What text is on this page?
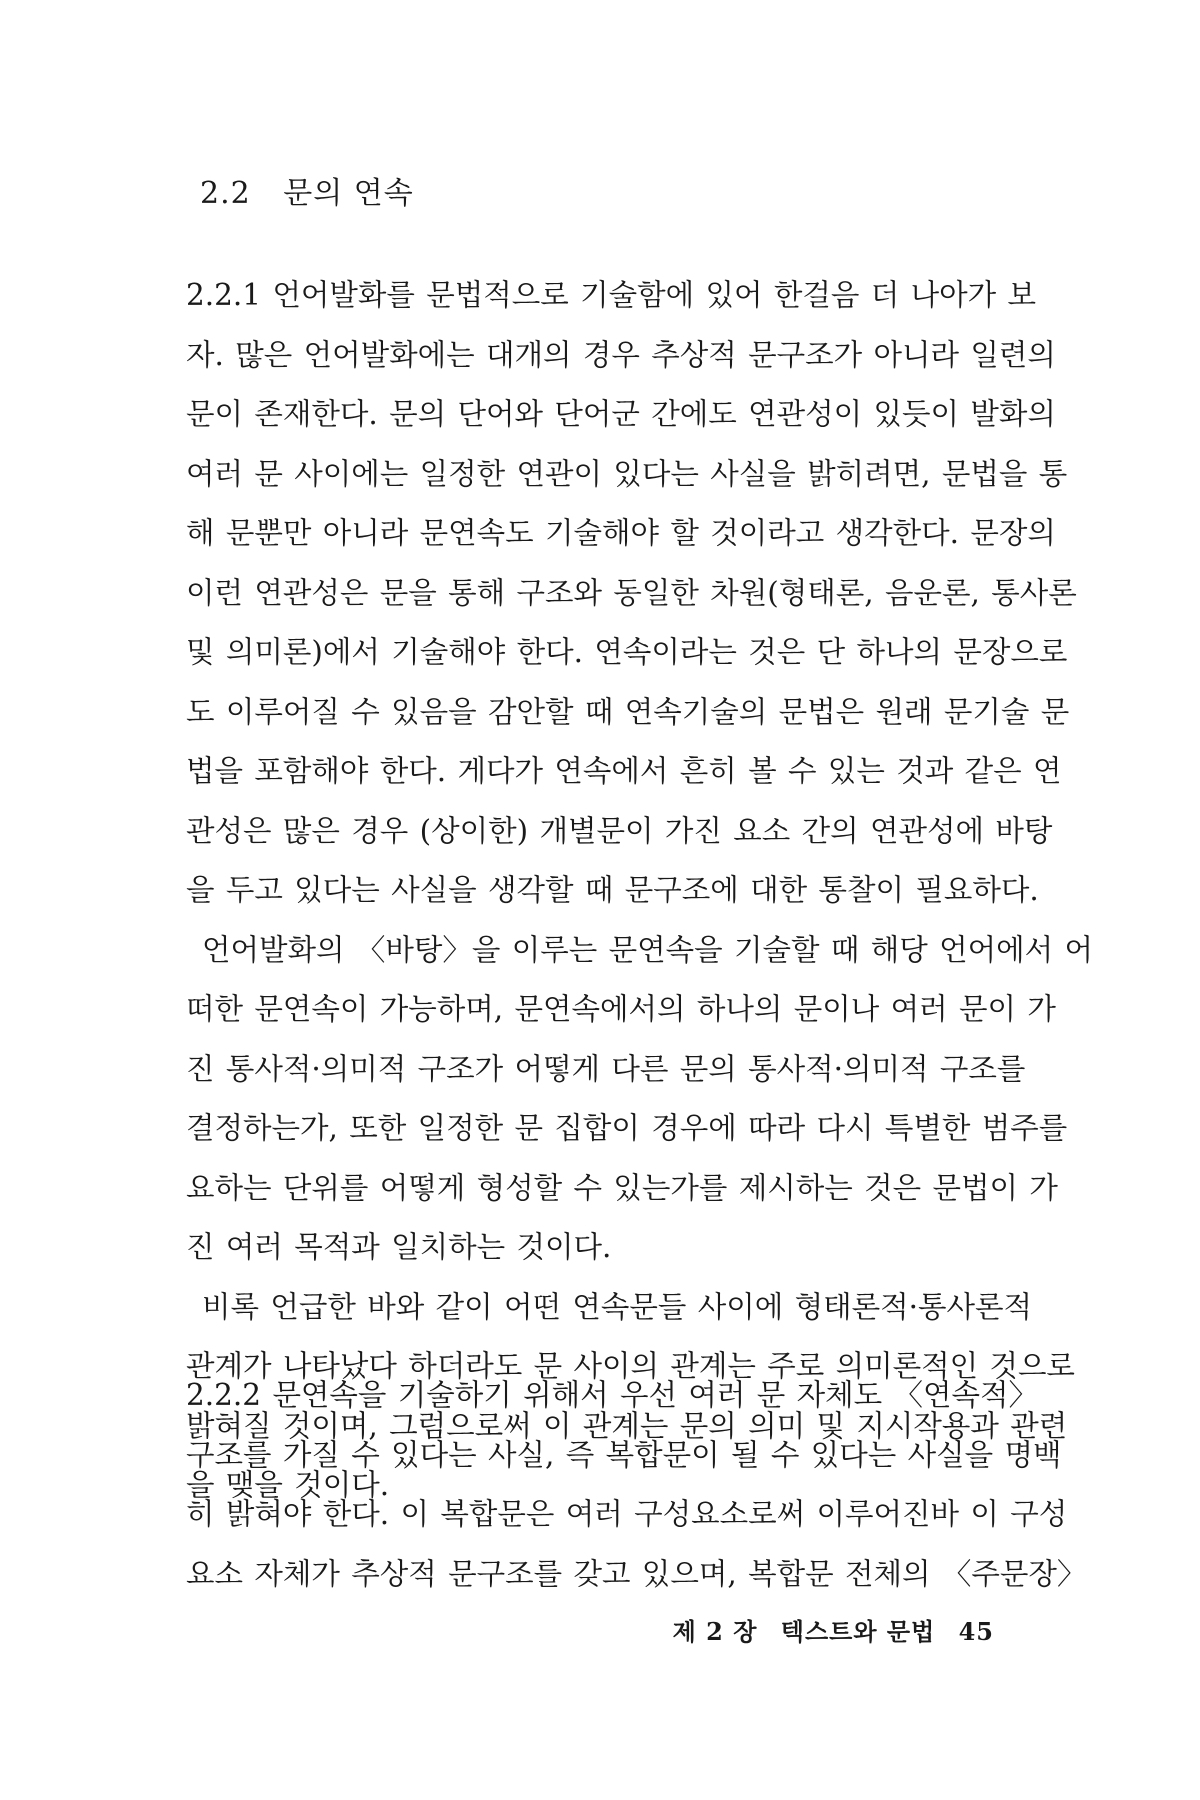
2.2 문의 연속
2.2.1 언어발화를 문법적으로 기술함에 있어 한걸음 더 나아가 보
자. 많은 언어발화에는 대개의 경우 추상적 문구조가 아니라 일련의
문이 존재한다. 문의 단어와 단어군 간에도 연관성이 있듯이 발화의
여러 문 사이에는 일정한 연관이 있다는 사실을 밝히려면, 문법을 통
해 문뿐만 아니라 문연속도 기술해야 할 것이라고 생각한다. 문장의
이런 연관성은 문을 통해 구조와 동일한 차원(형태론, 음운론, 통사론
및 의미론)에서 기술해야 한다. 연속이라는 것은 단 하나의 문장으로
도 이루어질 수 있음을 감안할 때 연속기술의 문법은 원래 문기술 문
법을 포함해야 한다. 게다가 연속에서 흔히 볼 수 있는 것과 같은 연
관성은 많은 경우 (상이한) 개별문이 가진 요소 간의 연관성에 바탕
을 두고 있다는 사실을 생각할 때 문구조에 대한 통찰이 필요하다.
언어발화의 〈바탕〉을 이루는 문연속을 기술할 때 해당 언어에서 어
떠한 문연속이 가능하며, 문연속에서의 하나의 문이나 여러 문이 가
진 통사적·의미적 구조가 어떻게 다른 문의 통사적·의미적 구조를
결정하는가, 또한 일정한 문 집합이 경우에 따라 다시 특별한 범주를
요하는 단위를 어떻게 형성할 수 있는가를 제시하는 것은 문법이 가
진 여러 목적과 일치하는 것이다.
비록 언급한 바와 같이 어떤 연속문들 사이에 형태론적·통사론적
관계가 나타났다 하더라도 문 사이의 관계는 주로 의미론적인 것으로
밝혀질 것이며, 그럼으로써 이 관계는 문의 의미 및 지시작용과 관련
을 맺을 것이다.
2.2.2 문연속을 기술하기 위해서 우선 여러 문 자체도 〈연속적〉
구조를 가질 수 있다는 사실, 즉 복합문이 될 수 있다는 사실을 명백
히 밝혀야 한다. 이 복합문은 여러 구성요소로써 이루어진바 이 구성
요소 자체가 추상적 문구조를 갖고 있으며, 복합문 전체의 〈주문장〉
제 2 장 텍스트와 문법 45
